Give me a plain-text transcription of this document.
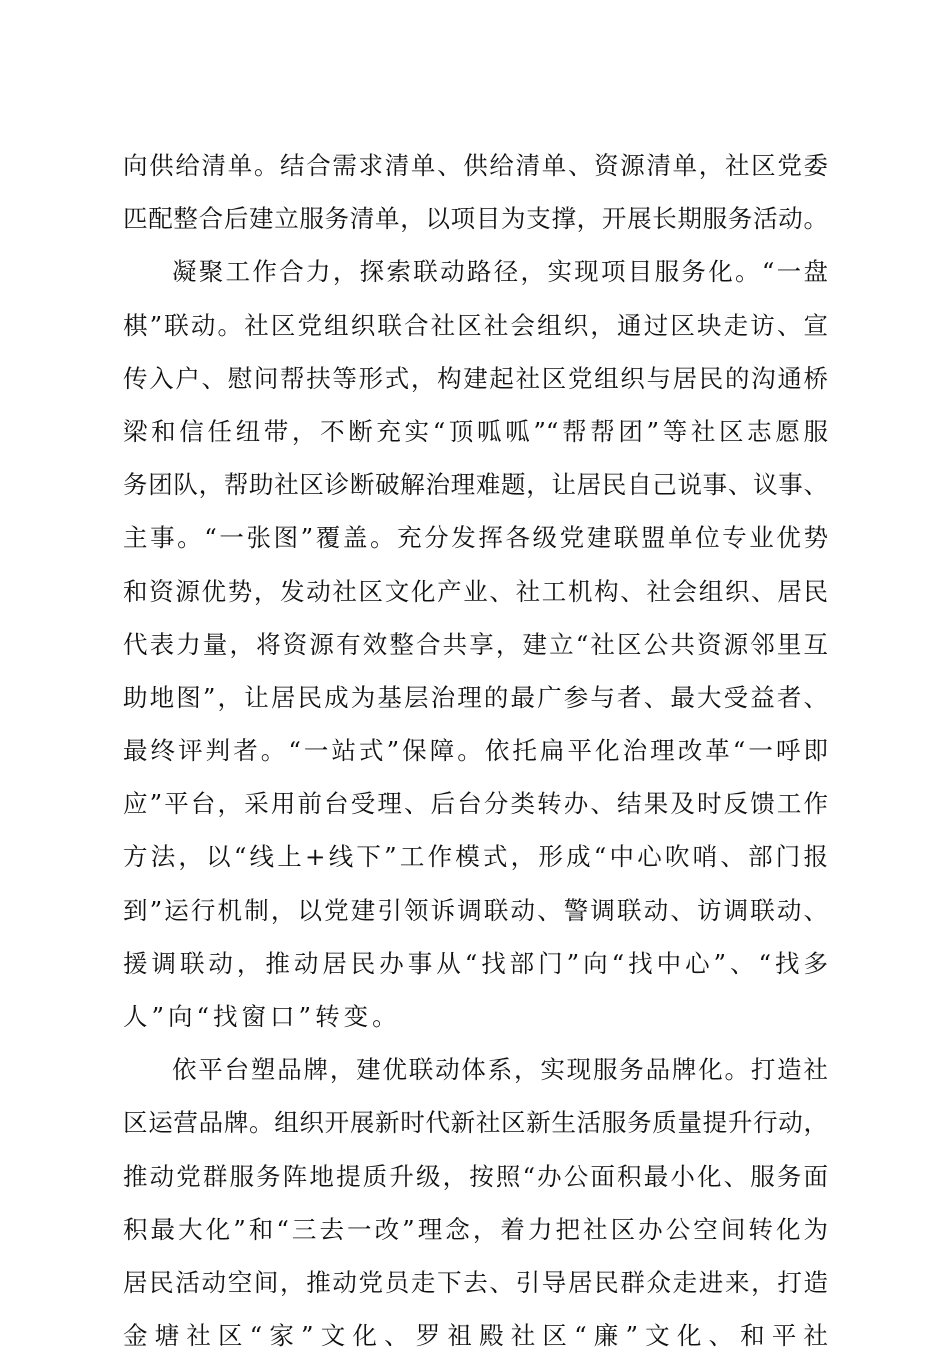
向供给清单。结合需求清单、供给清单、资源清单，社区党委
匹配整合后建立服务清单，以项目为支撑，开展长期服务活动。
凝聚工作合力，探索联动路径，实现项目服务化。“一盘
棋”联动。社区党组织联合社区社会组织，通过区块走访、宣
传入户、慰问帮扶等形式，构建起社区党组织与居民的沟通桥
梁和信任纽带，不断充实“顶呱呱”“帮帮团”等社区志愿服
务团队，帮助社区诊断破解治理难题，让居民自己说事、议事、
主事。“一张图”覆盖。充分发挥各级党建联盟单位专业优势
和资源优势，发动社区文化产业、社工机构、社会组织、居民
代表力量，将资源有效整合共享，建立“社区公共资源邻里互
助地图”，让居民成为基层治理的最广参与者、最大受益者、
最终评判者。“一站式”保障。依托扁平化治理改革“一呼即
应”平台，采用前台受理、后台分类转办、结果及时反馈工作
方法，以“线上+线下”工作模式，形成“中心吹哨、部门报
到”运行机制，以党建引领诉调联动、警调联动、访调联动、
援调联动，推动居民办事从“找部门”向“找中心”、“找多
人”向“找窗口”转变。
依平台塑品牌，建优联动体系，实现服务品牌化。打造社
区运营品牌。组织开展新时代新社区新生活服务质量提升行动，
推动党群服务阵地提质升级，按照“办公面积最小化、服务面
积最大化”和“三去一改”理念，着力把社区办公空间转化为
居民活动空间，推动党员走下去、引导居民群众走进来，打造
金塘社区“家”文化、罗祖殿社区“廉”文化、和平社
